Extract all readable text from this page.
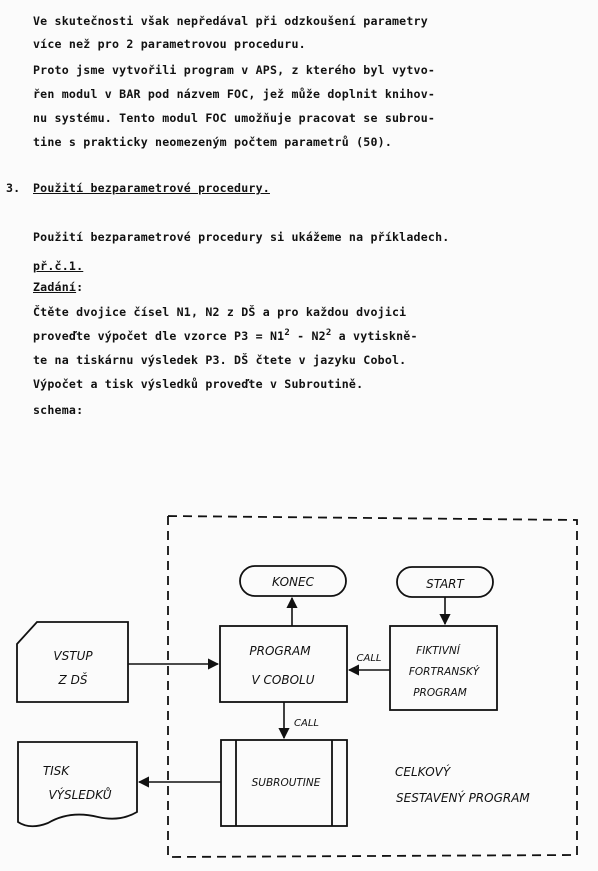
Ve skutečnosti však nepředával při odzkoušení parametry
více než pro 2 parametrovou proceduru.
Proto jsme vytvořili program v APS, z kterého byl vytvo-
řen modul v BAR pod názvem FOC, jež může doplnit knihov-
nu systému. Tento modul FOC umožňuje pracovat se subrou-
tine s prakticky neomezeným počtem parametrů (50).
3. Použití bezparametrové procedury.
Použití bezparametrové procedury si ukážeme na příkladech.
př.č.1.
Zadání:
Čtěte dvojice čísel N1, N2 z DŠ a pro každou dvojici
proveďte výpočet dle vzorce $P3 = N1^2 - N2^2$ a vytiskně-
te na tiskárnu výsledek P3. DŠ čtete v jazyku Cobol.
Výpočet a tisk výsledků proveďte v Subroutině.
schema:
KONEC	START
VSTUP
Z DŠ
PROGRAM
V COBOLU
FIKTIVNÍ
FORTRANSKÝ
PROGRAM
SUBROUTINE
TISK
VÝSLEDKŮ
CELKOVÝ
SESTAVENÝ PROGRAM
CALL
CALL
